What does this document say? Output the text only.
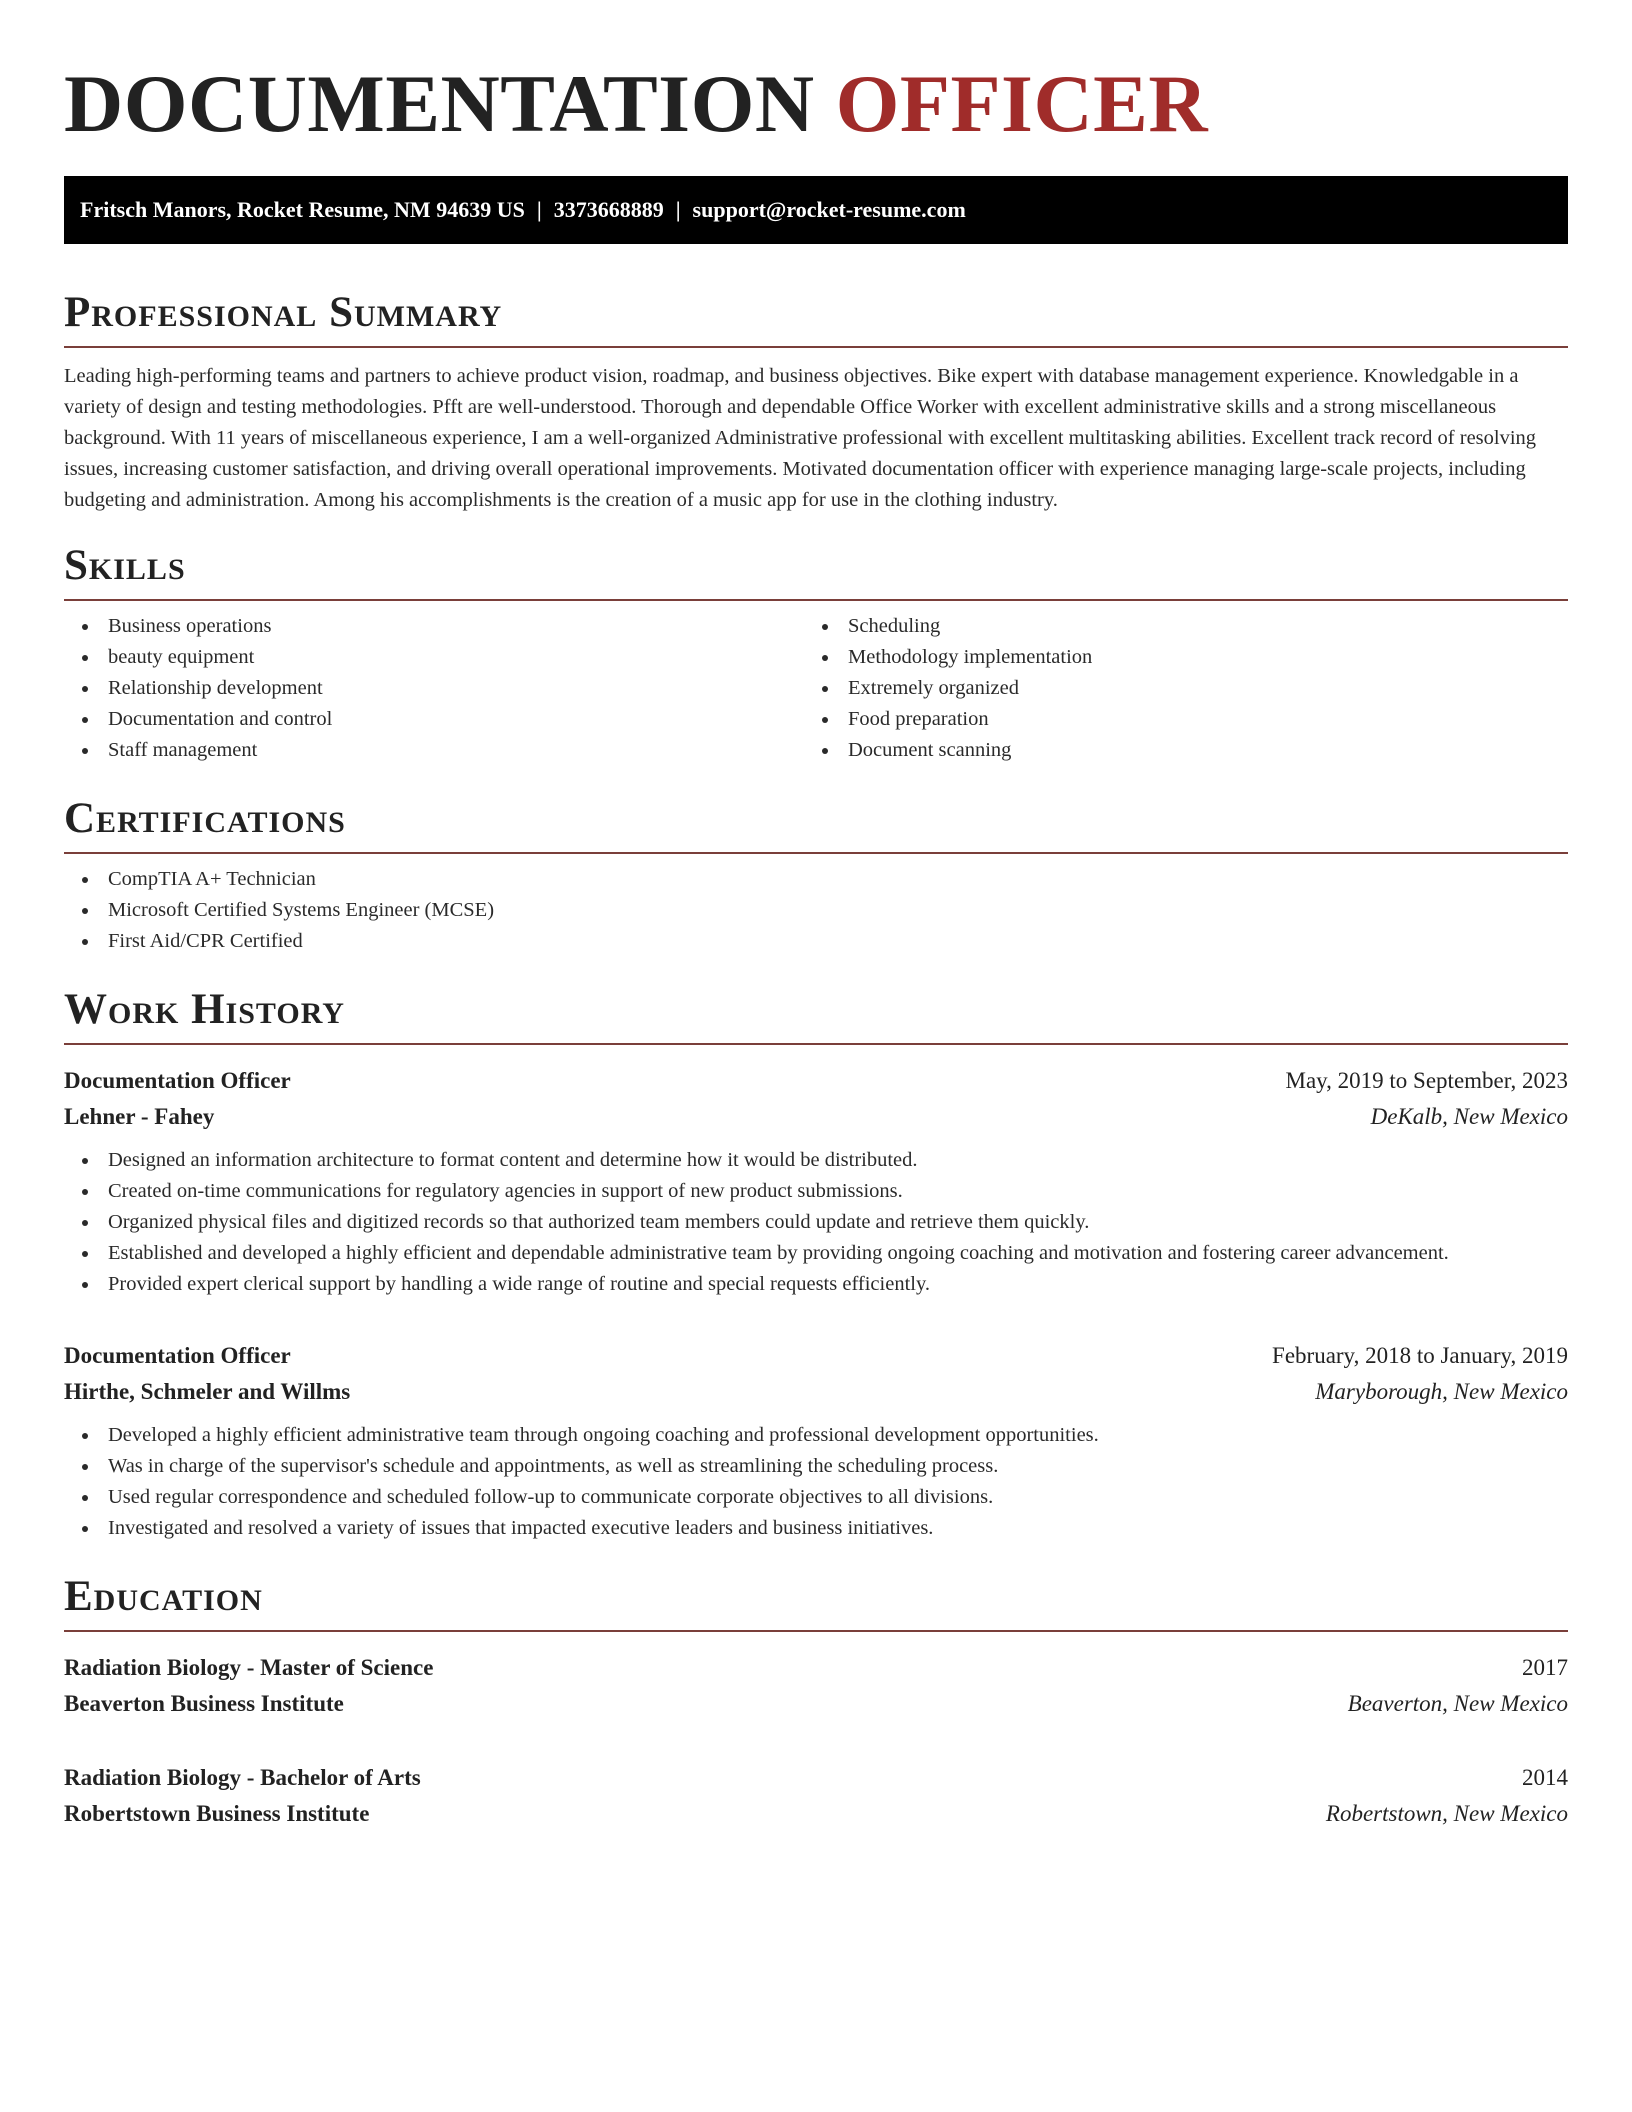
DOCUMENTATION OFFICER
Fritsch Manors, Rocket Resume, NM 94639 US | 3373668889 | support@rocket-resume.com
Professional Summary

Leading high-performing teams and partners to achieve product vision, roadmap, and business objectives. Bike expert with database management experience. Knowledgable in a variety of design and testing methodologies. Pfft are well-understood. Thorough and dependable Office Worker with excellent administrative skills and a strong miscellaneous background. With 11 years of miscellaneous experience, I am a well-organized Administrative professional with excellent multitasking abilities. Excellent track record of resolving issues, increasing customer satisfaction, and driving overall operational improvements. Motivated documentation officer with experience managing large-scale projects, including budgeting and administration. Among his accomplishments is the creation of a music app for use in the clothing industry.

Skills
Business operations
beauty equipment
Relationship development
Documentation and control
Staff management
Scheduling
Methodology implementation
Extremely organized
Food preparation
Document scanning
Certifications
CompTIA A+ Technician
Microsoft Certified Systems Engineer (MCSE)
First Aid/CPR Certified
Work History
Documentation Officer	May, 2019 to September, 2023
Lehner - Fahey	DeKalb, New Mexico
Designed an information architecture to format content and determine how it would be distributed.
Created on-time communications for regulatory agencies in support of new product submissions.
Organized physical files and digitized records so that authorized team members could update and retrieve them quickly.
Established and developed a highly efficient and dependable administrative team by providing ongoing coaching and motivation and fostering career advancement.
Provided expert clerical support by handling a wide range of routine and special requests efficiently.
Documentation Officer	February, 2018 to January, 2019
Hirthe, Schmeler and Willms	Maryborough, New Mexico
Developed a highly efficient administrative team through ongoing coaching and professional development opportunities.
Was in charge of the supervisor's schedule and appointments, as well as streamlining the scheduling process.
Used regular correspondence and scheduled follow-up to communicate corporate objectives to all divisions.
Investigated and resolved a variety of issues that impacted executive leaders and business initiatives.
Education
Radiation Biology - Master of Science	2017
Beaverton Business Institute	Beaverton, New Mexico
Radiation Biology - Bachelor of Arts	2014
Robertstown Business Institute	Robertstown, New Mexico
